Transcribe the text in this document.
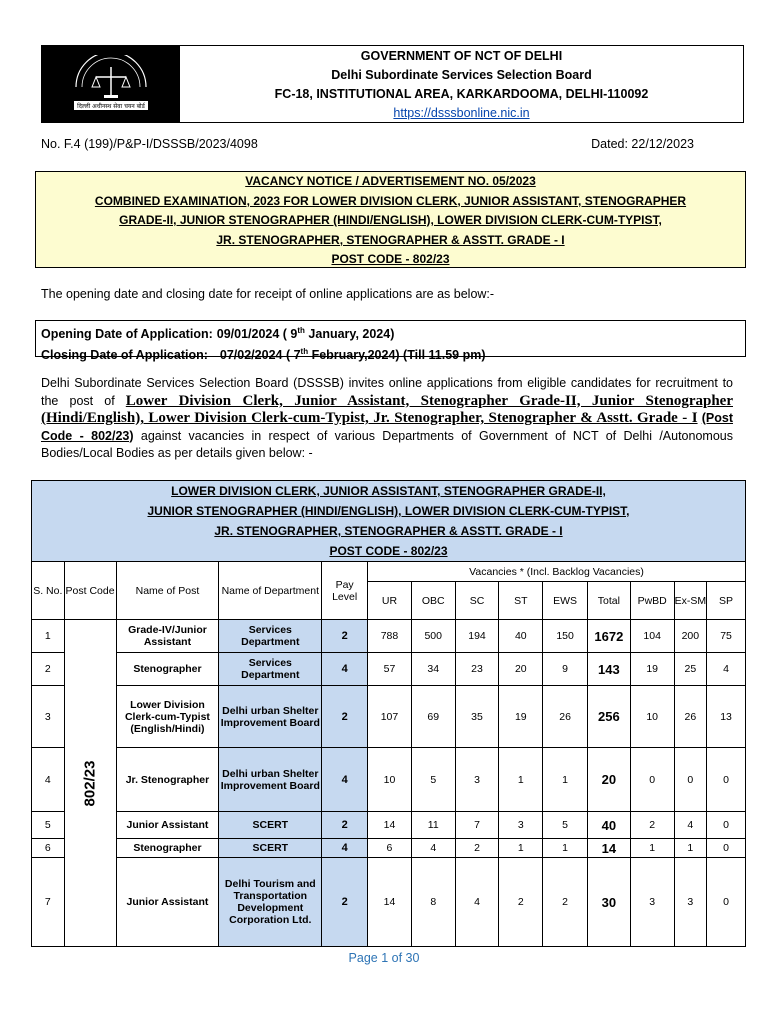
दिल्ली अधीनस्थ सेवा चयन बोर्ड
GOVERNMENT OF NCT OF DELHI
Delhi Subordinate Services Selection Board
FC-18, INSTITUTIONAL AREA, KARKARDOOMA, DELHI-110092
https://dsssbonline.nic.in
No. F.4 (199)/P&P-I/DSSSB/2023/4098	Dated: 22/12/2023
VACANCY NOTICE / ADVERTISEMENT NO. 05/2023
COMBINED EXAMINATION, 2023 FOR LOWER DIVISION CLERK, JUNIOR ASSISTANT, STENOGRAPHER
GRADE-II, JUNIOR STENOGRAPHER (HINDI/ENGLISH), LOWER DIVISION CLERK-CUM-TYPIST,
JR. STENOGRAPHER, STENOGRAPHER & ASSTT. GRADE - I
POST CODE - 802/23
The opening date and closing date for receipt of online applications are as below:-
Opening Date of Application: 09/01/2024 ( 9th January, 2024)
Closing Date of Application: 07/02/2024 ( 7th February,2024) (Till 11.59 pm)
Delhi Subordinate Services Selection Board (DSSSB) invites online applications from eligible candidates for recruitment to the post of Lower Division Clerk, Junior Assistant, Stenographer Grade-II, Junior Stenographer (Hindi/English), Lower Division Clerk-cum-Typist, Jr. Stenographer, Stenographer & Asstt. Grade - I (Post Code - 802/23) against vacancies in respect of various Departments of Government of NCT of Delhi /Autonomous Bodies/Local Bodies as per details given below: -
LOWER DIVISION CLERK, JUNIOR ASSISTANT, STENOGRAPHER GRADE-II,
JUNIOR STENOGRAPHER (HINDI/ENGLISH), LOWER DIVISION CLERK-CUM-TYPIST,
JR. STENOGRAPHER, STENOGRAPHER & ASSTT. GRADE - I
POST CODE - 802/23													
S. No.	Post Code	Name of Post	Name of Department	Pay Level	Vacancies * (Incl. Backlog Vacancies)								
					UR	OBC	SC	ST	EWS	Total	PwBD	Ex-SM	SP
1	802/23	Grade-IV/Junior Assistant	Services Department	2	788	500	194	40	150	1672	104	200	75
2		Stenographer	Services Department	4	57	34	23	20	9	143	19	25	4
3		Lower Division Clerk-cum-Typist (English/Hindi)	Delhi urban Shelter Improvement Board	2	107	69	35	19	26	256	10	26	13
4		Jr. Stenographer	Delhi urban Shelter Improvement Board	4	10	5	3	1	1	20	0	0	0
5		Junior Assistant	SCERT	2	14	11	7	3	5	40	2	4	0
6		Stenographer	SCERT	4	6	4	2	1	1	14	1	1	0
7		Junior Assistant	Delhi Tourism and Transportation Development Corporation Ltd.	2	14	8	4	2	2	30	3	3	0
Page 1 of 30
